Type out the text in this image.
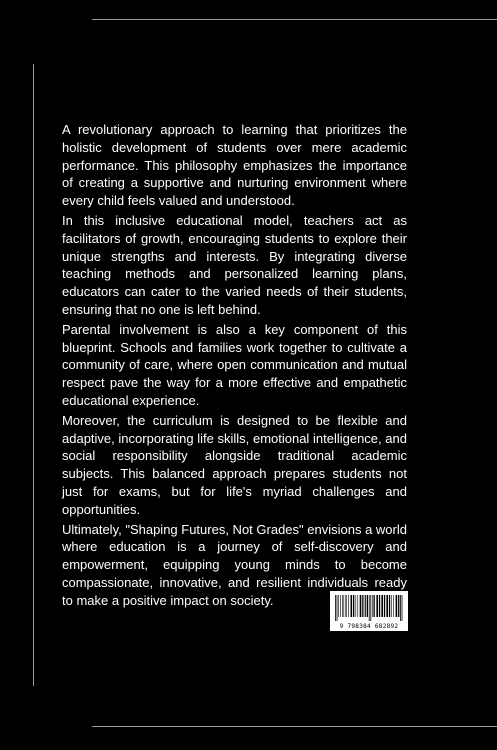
A revolutionary approach to learning that prioritizes the holistic development of students over mere academic performance. This philosophy emphasizes the importance of creating a supportive and nurturing environment where every child feels valued and understood.

In this inclusive educational model, teachers act as facilitators of growth, encouraging students to explore their unique strengths and interests. By integrating diverse teaching methods and personalized learning plans, educators can cater to the varied needs of their students, ensuring that no one is left behind.

Parental involvement is also a key component of this blueprint. Schools and families work together to cultivate a community of care, where open communication and mutual respect pave the way for a more effective and empathetic educational experience.

Moreover, the curriculum is designed to be flexible and adaptive, incorporating life skills, emotional intelligence, and social responsibility alongside traditional academic subjects. This balanced approach prepares students not just for exams, but for life's myriad challenges and opportunities.

Ultimately, "Shaping Futures, Not Grades" envisions a world where education is a journey of self-discovery and empowerment, equipping young minds to become compassionate, innovative, and resilient individuals ready to make a positive impact on society.

9 798384 682892
